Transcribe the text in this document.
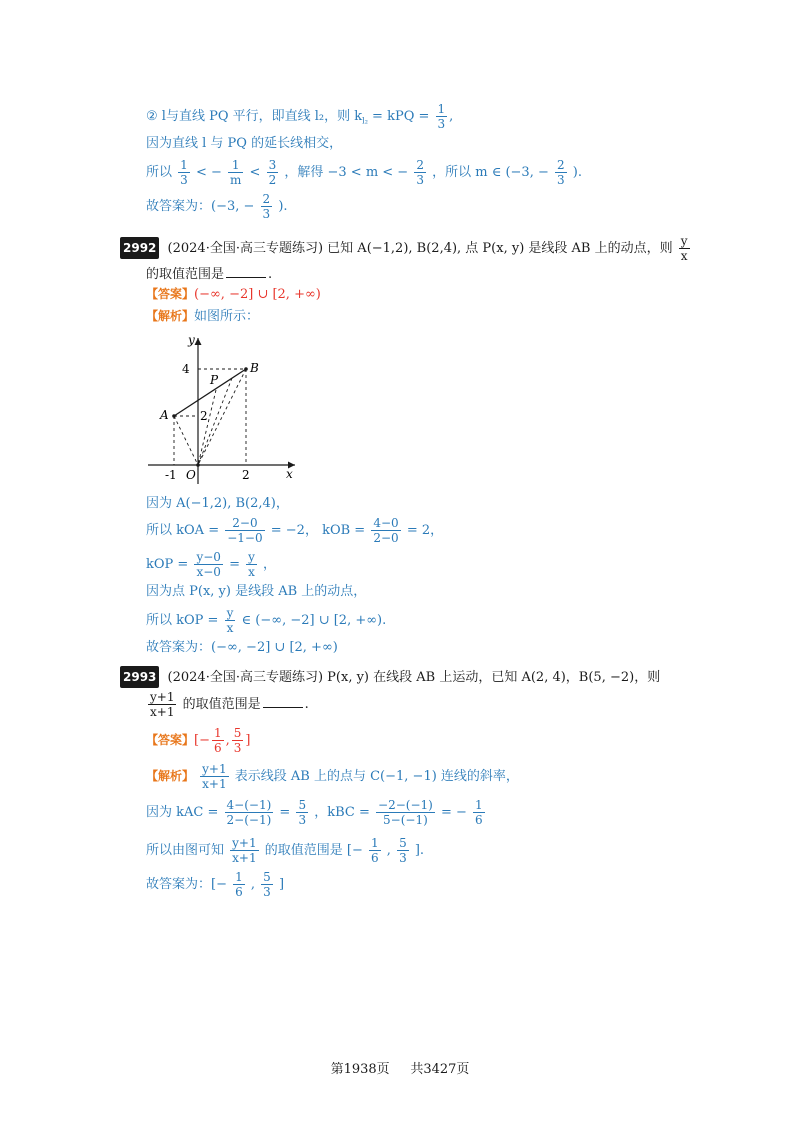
② l与直线 PQ 平行，即直线 l₂，则 $k_{l_2}$ = kPQ = $\frac{1}{3}$ ,
因为直线 l 与 PQ 的延长线相交，
所以 $\frac{1}{3}$ < − $\frac{1}{m} < \frac{3}{2}$ ，解得 −3 < m < − $\frac{2}{3}$ ，所以 m ∈ (−3, − $\frac{2}{3}$ ).
故答案为：(−3, − $\frac{2}{3}$ ).
2992 (2024·全国·高三专题练习) 已知 A(−1,2), B(2,4), 点 P(x, y) 是线段 AB 上的动点，则 $\frac{y}{x}$
的取值范围是	.
【答案】(−∞, −2] ∪ [2, +∞)
【解析】如图所示：
y
x
O
A
B
P
4
2
-1	2
因为 A(−1,2), B(2,4)，
所以 kOA = $\frac{2-0}{-1-0} = -2$， kOB = $\frac{4-0}{2-0} = 2$，
kOP = $\frac{y-0}{x-0} = \frac{y}{x}$ ，
因为点 P(x, y) 是线段 AB 上的动点，
所以 kOP = $\frac{y}{x}$ ∈ (−∞, −2] ∪ [2, +∞).
故答案为：(−∞, −2] ∪ [2, +∞)
2993 (2024·全国·高三专题练习) P(x, y) 在线段 AB 上运动，已知 A(2, 4)，B(5, −2)，则
$\frac{y+1}{x+1}$ 的取值范围是	.
【答案】[− $\frac{1}{6}$ , $\frac{5}{3}$ ]
【解析】 $\frac{y+1}{x+1}$ 表示线段 AB 上的点与 C(−1, −1) 连线的斜率，
因为 kAC = $\frac{4-(-1)}{2-(-1)} = \frac{5}{3}$ ，kBC = $\frac{-2-(-1)}{5-(-1)}$ = − $\frac{1}{6}$
所以由图可知 $\frac{y+1}{x+1}$ 的取值范围是 [− $\frac{1}{6}$ , $\frac{5}{3}$ ].
故答案为：[− $\frac{1}{6}$ , $\frac{5}{3}$ ]
第1938页 共3427页
